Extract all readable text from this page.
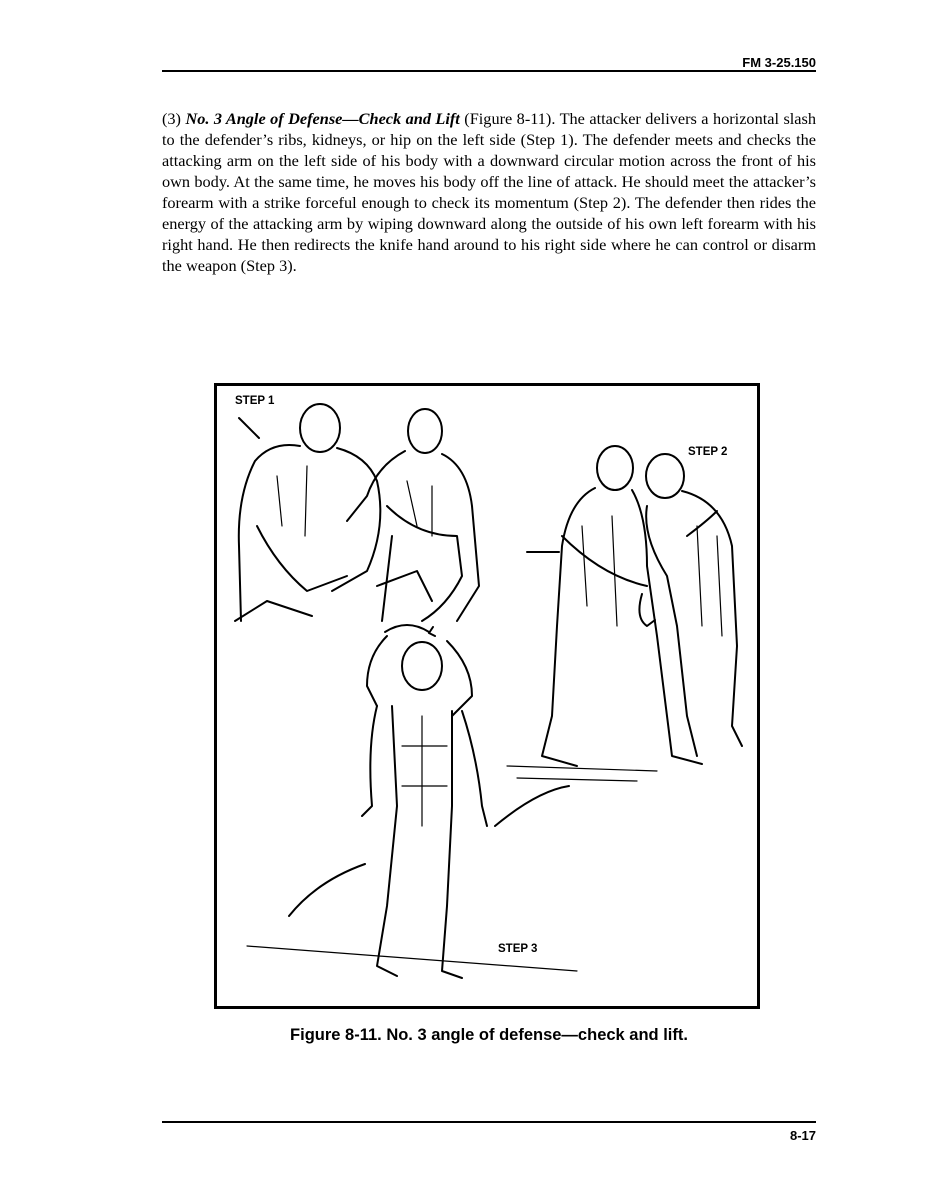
FM 3-25.150

(3) No. 3 Angle of Defense—Check and Lift (Figure 8-11). The attacker delivers a horizontal slash to the defender’s ribs, kidneys, or hip on the left side (Step 1). The defender meets and checks the attacking arm on the left side of his body with a downward circular motion across the front of his own body. At the same time, he moves his body off the line of attack. He should meet the attacker’s forearm with a strike forceful enough to check its momentum (Step 2). The defender then rides the energy of the attacking arm by wiping downward along the outside of his own left forearm with his right hand. He then redirects the knife hand around to his right side where he can control or disarm the weapon (Step 3).

STEP 1
STEP 2
STEP 3
Figure 8-11. No. 3 angle of defense—check and lift.
8-17
